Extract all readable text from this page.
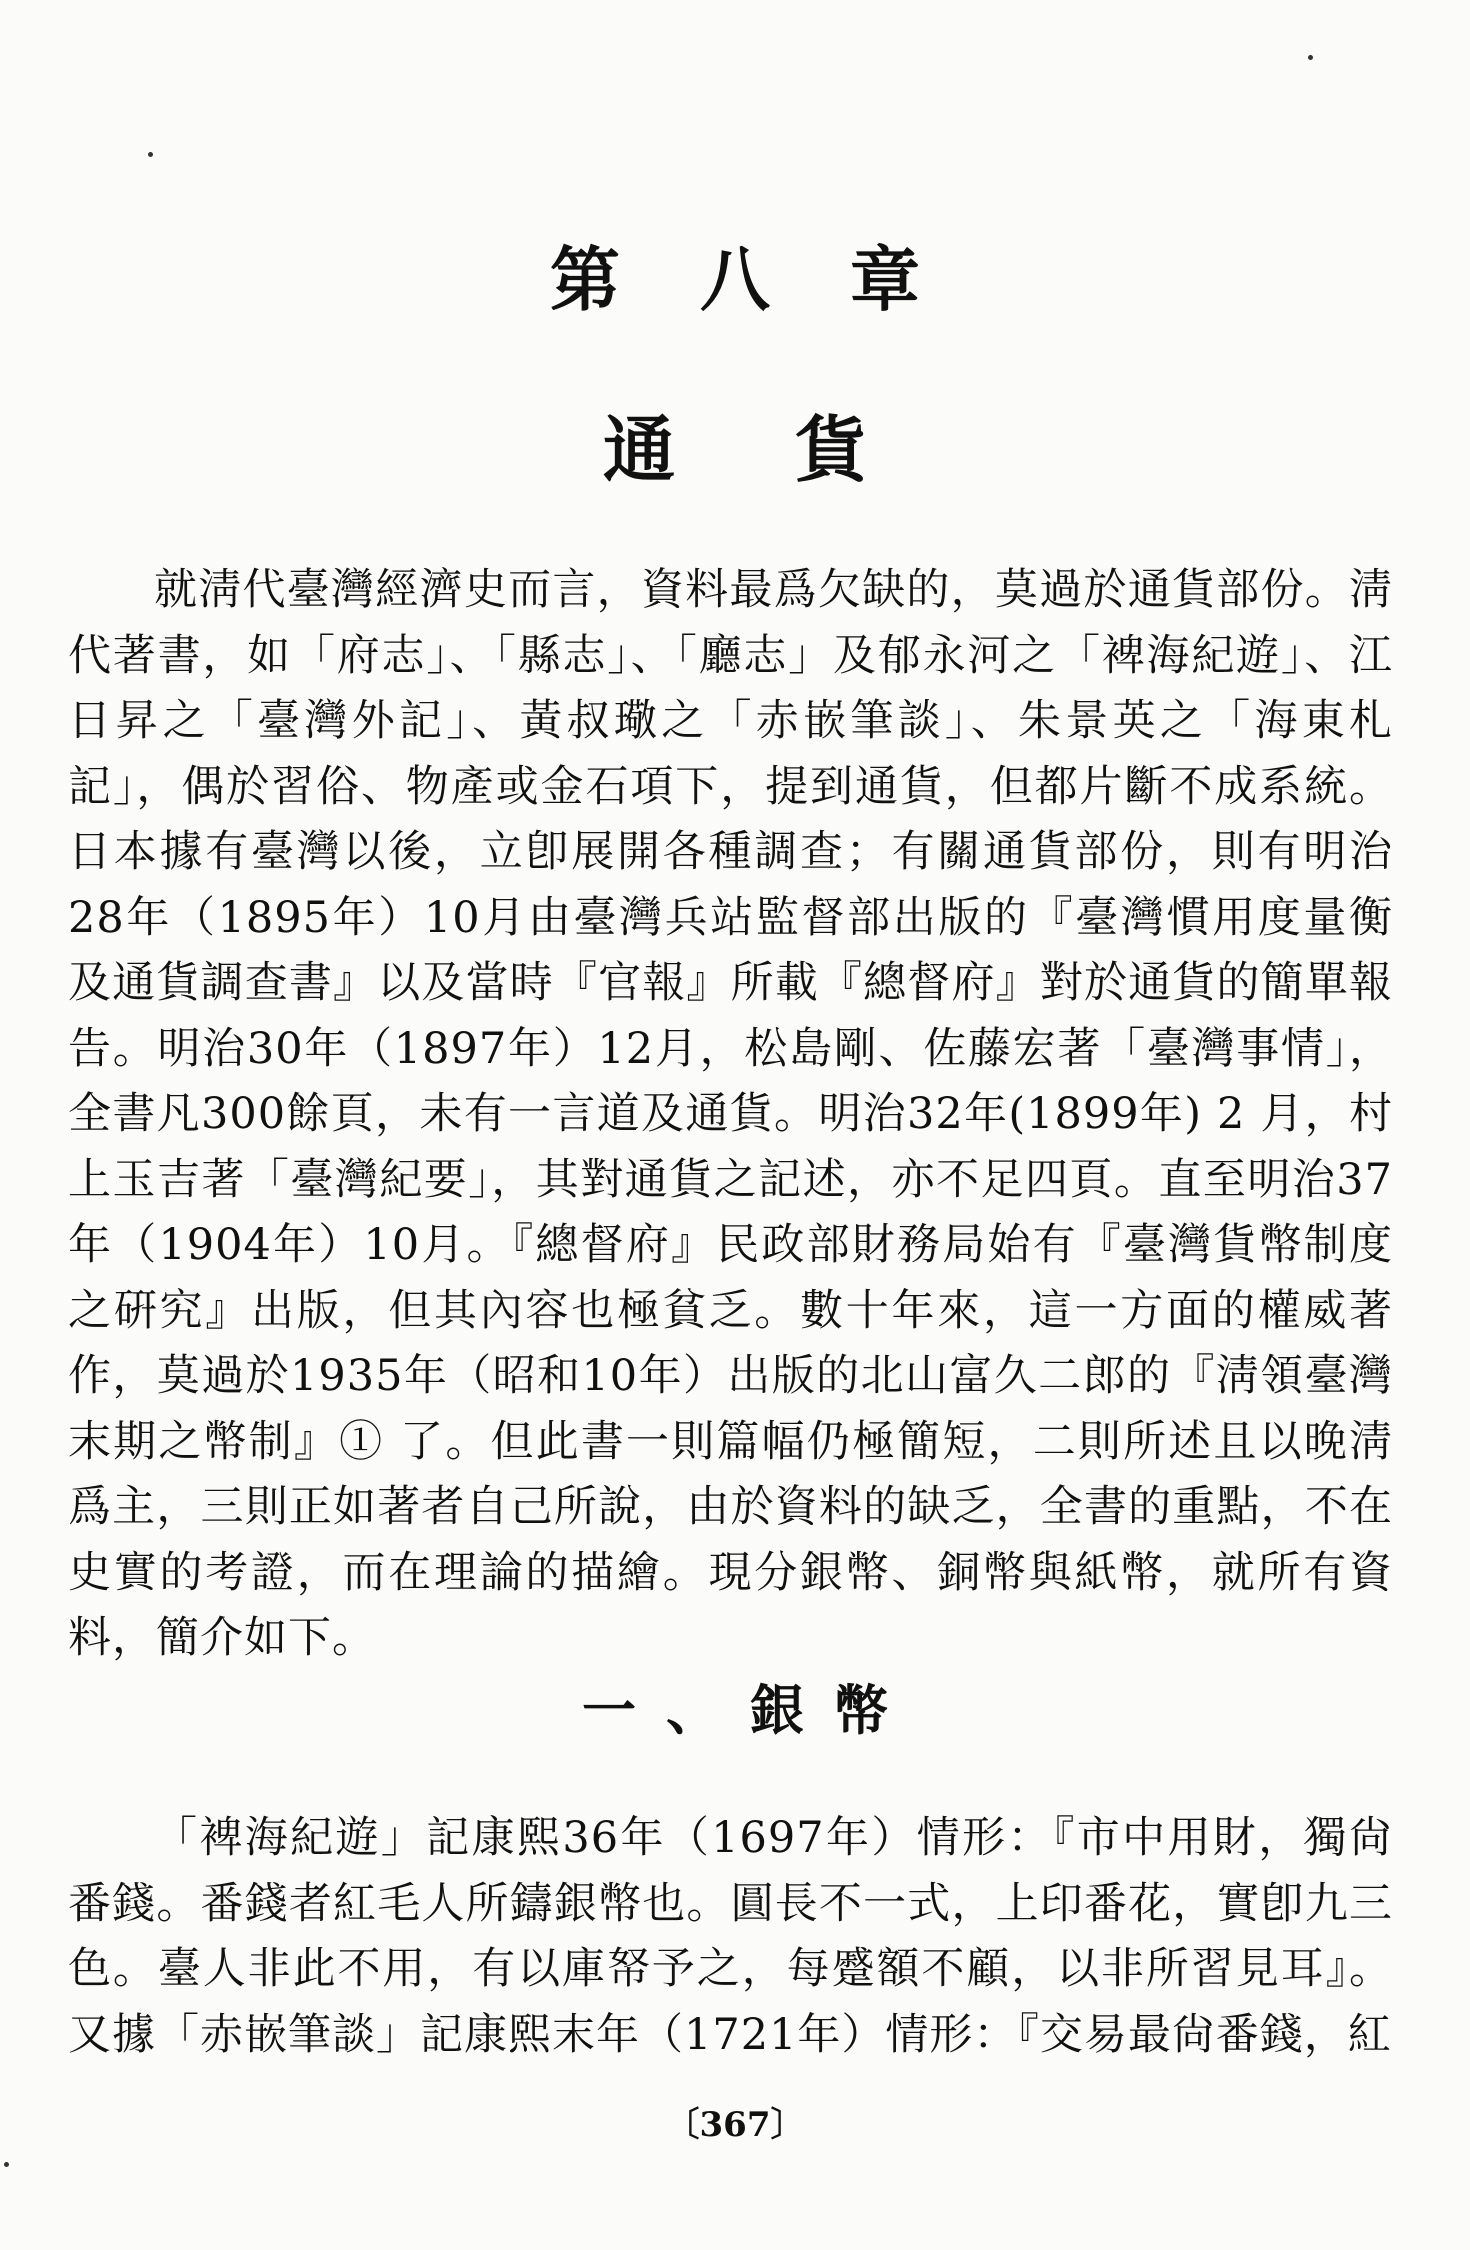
第八章
通貨

就淸代臺灣經濟史而言，資料最爲欠缺的，莫過於通貨部份。淸代著書，如「府志」、「縣志」、「廳志」及郁永河之「裨海紀遊」、江日昇之「臺灣外記」、黃叔璥之「赤嵌筆談」、朱景英之「海東札記」，偶於習俗、物產或金石項下，提到通貨，但都片斷不成系統。日本據有臺灣以後，立卽展開各種調查；有關通貨部份，則有明治28年（1895年）10月由臺灣兵站監督部出版的『臺灣慣用度量衡及通貨調查書』以及當時『官報』所載『總督府』對於通貨的簡單報告。明治30年（1897年）12月，松島剛、佐藤宏著「臺灣事情」，全書凡300餘頁，未有一言道及通貨。明治32年(1899年) 2 月，村上玉吉著「臺灣紀要」，其對通貨之記述，亦不足四頁。直至明治37年（1904年）10月。『總督府』民政部財務局始有『臺灣貨幣制度之硏究』出版，但其內容也極貧乏。數十年來，這一方面的權威著作，莫過於1935年（昭和10年）出版的北山富久二郎的『淸領臺灣末期之幣制』① 了。但此書一則篇幅仍極簡短，二則所述且以晚淸爲主，三則正如著者自己所說，由於資料的缺乏，全書的重點，不在史實的考證，而在理論的描繪。現分銀幣、銅幣與紙幣，就所有資料，簡介如下。

一、銀幣

「裨海紀遊」記康熙36年（1697年）情形：『市中用財，獨尙番錢。番錢者紅毛人所鑄銀幣也。圓長不一式，上印番花，實卽九三色。臺人非此不用，有以庫帑予之，每蹙額不顧，以非所習見耳』。又據「赤嵌筆談」記康熙末年（1721年）情形：『交易最尙番錢，紅

〔367〕
